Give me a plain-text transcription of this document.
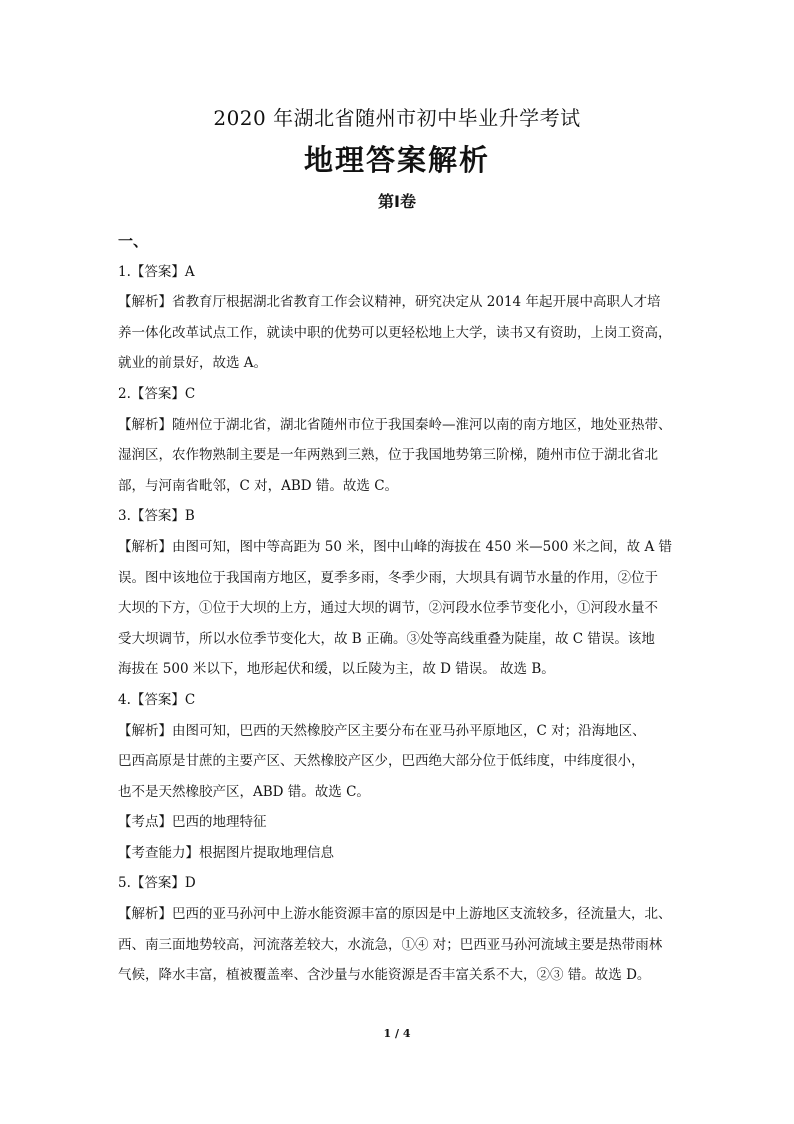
2020 年湖北省随州市初中毕业升学考试
地理答案解析
第Ⅰ卷
一、
1.【答案】A
【解析】省教育厅根据湖北省教育工作会议精神，研究决定从 2014 年起开展中高职人才培
养一体化改革试点工作，就读中职的优势可以更轻松地上大学，读书又有资助，上岗工资高，
就业的前景好，故选 A。
2.【答案】C
【解析】随州位于湖北省，湖北省随州市位于我国秦岭—淮河以南的南方地区，地处亚热带、
湿润区，农作物熟制主要是一年两熟到三熟，位于我国地势第三阶梯，随州市位于湖北省北
部，与河南省毗邻，C 对，ABD 错。故选 C。
3.【答案】B
【解析】由图可知，图中等高距为 50 米，图中山峰的海拔在 450 米—500 米之间，故 A 错
误。图中该地位于我国南方地区，夏季多雨，冬季少雨，大坝具有调节水量的作用，②位于
大坝的下方，①位于大坝的上方，通过大坝的调节，②河段水位季节变化小，①河段水量不
受大坝调节，所以水位季节变化大，故 B 正确。③处等高线重叠为陡崖，故 C 错误。该地
海拔在 500 米以下，地形起伏和缓，以丘陵为主，故 D 错误。 故选 B。
4.【答案】C
【解析】由图可知，巴西的天然橡胶产区主要分布在亚马孙平原地区，C 对；沿海地区、
巴西高原是甘蔗的主要产区、天然橡胶产区少，巴西绝大部分位于低纬度，中纬度很小，
也不是天然橡胶产区，ABD 错。故选 C。
【考点】巴西的地理特征
【考查能力】根据图片提取地理信息
5.【答案】D
【解析】巴西的亚马孙河中上游水能资源丰富的原因是中上游地区支流较多，径流量大，北、
西、南三面地势较高，河流落差较大，水流急，①④ 对；巴西亚马孙河流域主要是热带雨林
气候，降水丰富，植被覆盖率、含沙量与水能资源是否丰富关系不大，②③ 错。故选 D。
1 / 4
